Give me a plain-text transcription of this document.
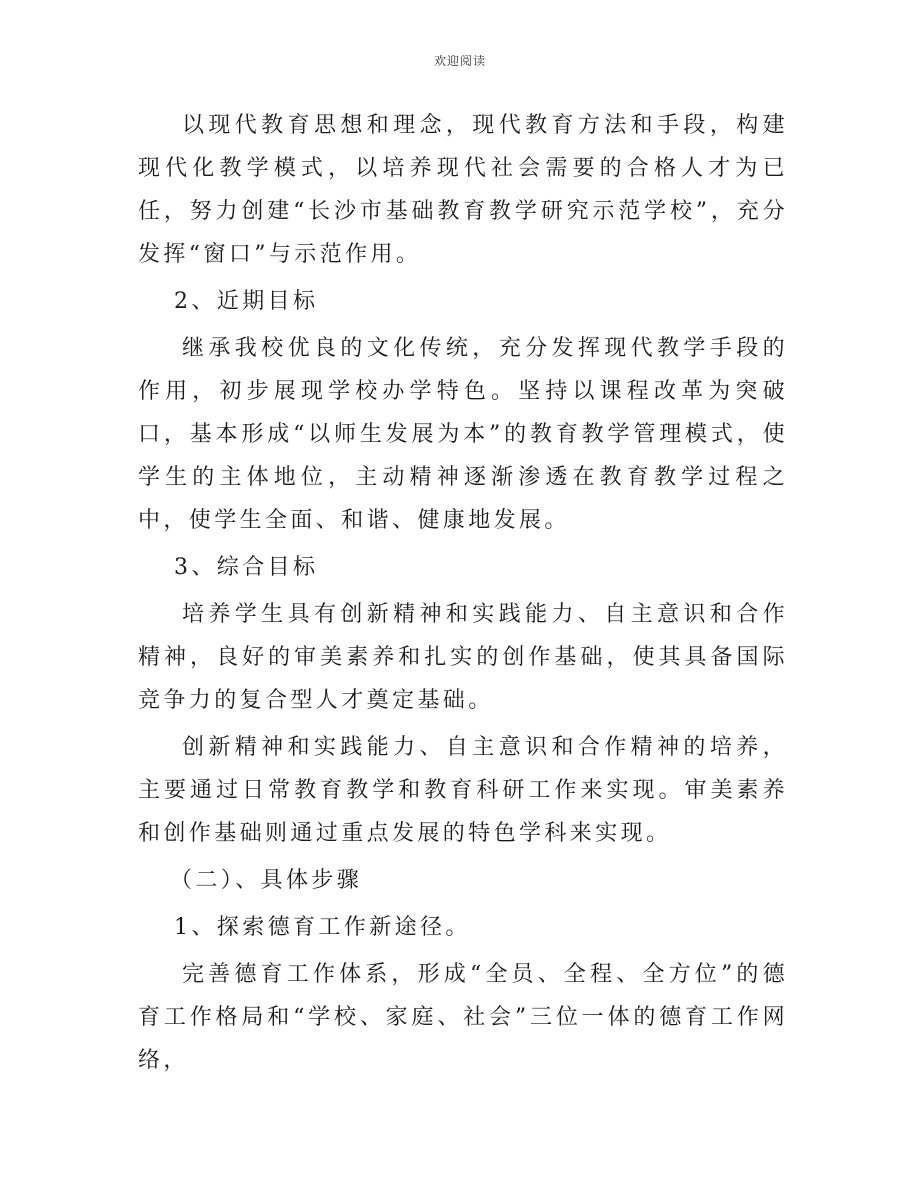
欢迎阅读

以现代教育思想和理念，现代教育方法和手段，构建现代化教学模式，以培养现代社会需要的合格人才为已任，努力创建“长沙市基础教育教学研究示范学校”，充分发挥“窗口”与示范作用。

2、近期目标

继承我校优良的文化传统，充分发挥现代教学手段的作用，初步展现学校办学特色。坚持以课程改革为突破口，基本形成“以师生发展为本”的教育教学管理模式，使学生的主体地位，主动精神逐渐渗透在教育教学过程之中，使学生全面、和谐、健康地发展。

3、综合目标

培养学生具有创新精神和实践能力、自主意识和合作精神，良好的审美素养和扎实的创作基础，使其具备国际竞争力的复合型人才奠定基础。

创新精神和实践能力、自主意识和合作精神的培养，主要通过日常教育教学和教育科研工作来实现。审美素养和创作基础则通过重点发展的特色学科来实现。

（二）、具体步骤

1、探索德育工作新途径。

完善德育工作体系，形成“全员、全程、全方位”的德育工作格局和“学校、家庭、社会”三位一体的德育工作网络，
